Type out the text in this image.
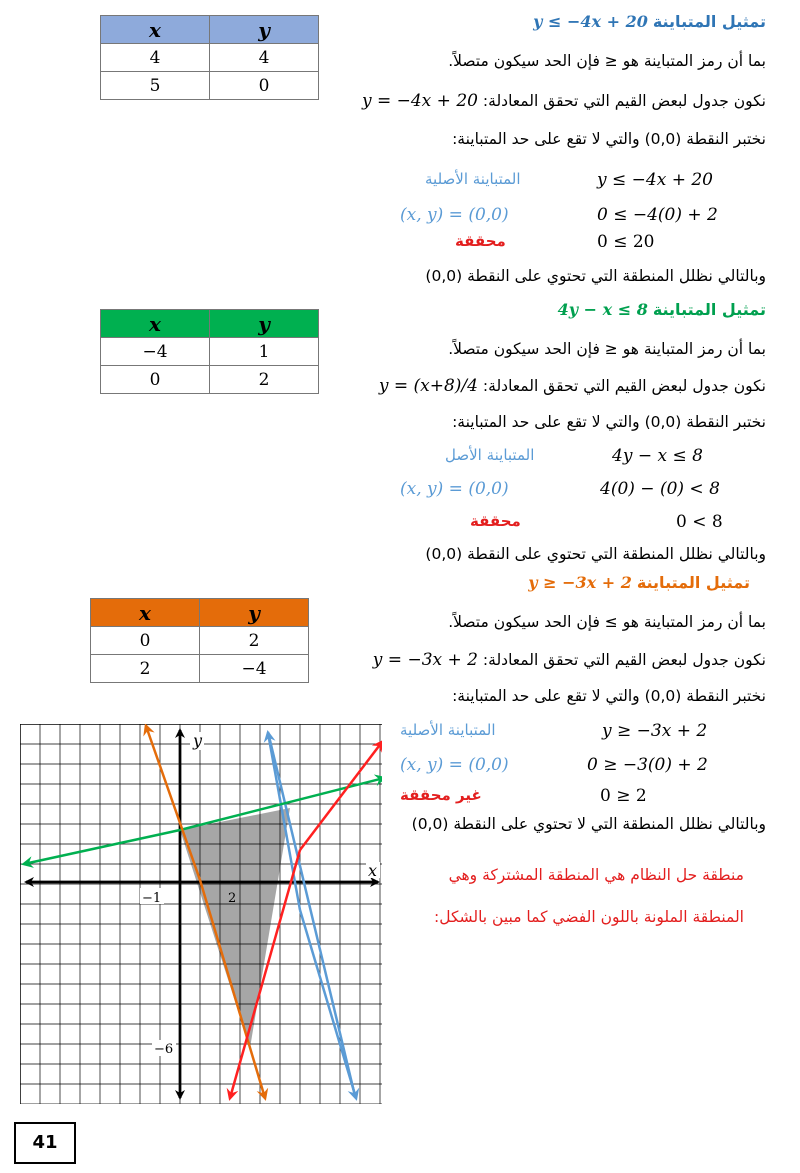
تمثيل المتباينة y ≤ −4x + 20
بما أن رمز المتباينة هو ≤ فإن الحد سيكون متصلاً.
نكون جدول لبعض القيم التي تحقق المعادلة: y = −4x + 20
نختبر النقطة (0,0) والتي لا تقع على حد المتباينة:
y ≤ −4x + 20
المتباينة الأصلية
0 ≤ −4(0) + 2
(x, y) = (0,0)
0 ≤ 20
محققة
وبالتالي نظلل المنطقة التي تحتوي على النقطة (0,0)
x	y
4	4
5	0
تمثيل المتباينة 4y − x ≤ 8
بما أن رمز المتباينة هو ≤ فإن الحد سيكون متصلاً.
نكون جدول لبعض القيم التي تحقق المعادلة: y = (x+8)/4
نختبر النقطة (0,0) والتي لا تقع على حد المتباينة:
4y − x ≤ 8
المتباينة الأصل
4(0) − (0) < 8
(x, y) = (0,0)
0 < 8
محققة
وبالتالي نظلل المنطقة التي تحتوي على النقطة (0,0)
x	y
−4	1
0	2
تمثيل المتباينة y ≥ −3x + 2
بما أن رمز المتباينة هو ≥ فإن الحد سيكون متصلاً.
نكون جدول لبعض القيم التي تحقق المعادلة: y = −3x + 2
نختبر النقطة (0,0) والتي لا تقع على حد المتباينة:
y ≥ −3x + 2
المتباينة الأصلية
0 ≥ −3(0) + 2
(x, y) = (0,0)
0 ≥ 2
غير محققة
وبالتالي نظلل المنطقة التي لا تحتوي على النقطة (0,0)
x	y
0	2
2	−4
منطقة حل النظام هي المنطقة المشتركة وهي
المنطقة الملونة باللون الفضي كما مبين بالشكل:
y
x
−1	2
−6
41
